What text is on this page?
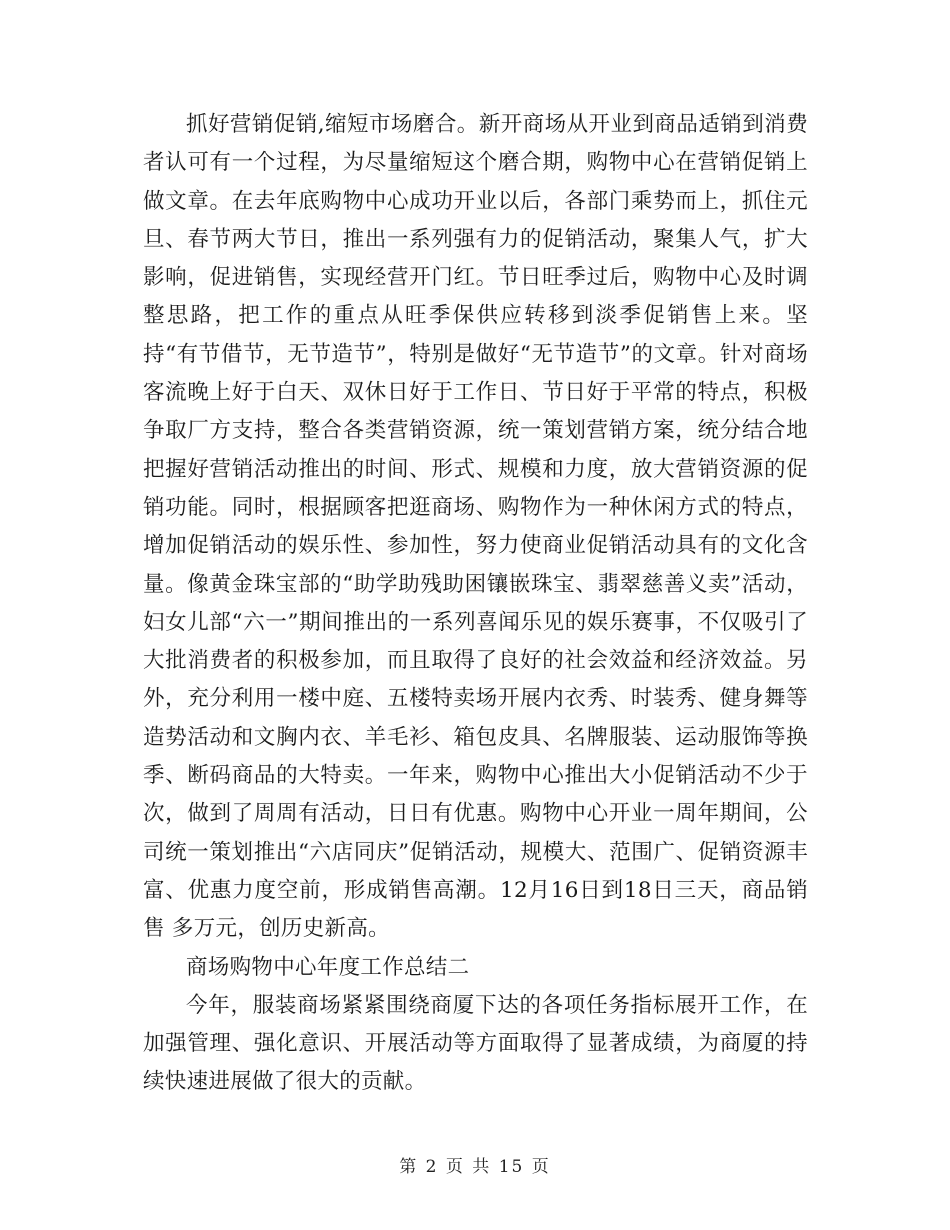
抓好营销促销,缩短市场磨合。新开商场从开业到商品适销到消费者认可有一个过程，为尽量缩短这个磨合期，购物中心在营销促销上做文章。在去年底购物中心成功开业以后，各部门乘势而上，抓住元旦、春节两大节日，推出一系列强有力的促销活动，聚集人气，扩大影响，促进销售，实现经营开门红。节日旺季过后，购物中心及时调整思路，把工作的重点从旺季保供应转移到淡季促销售上来。坚持“有节借节，无节造节”，特别是做好“无节造节”的文章。针对商场客流晚上好于白天、双休日好于工作日、节日好于平常的特点，积极争取厂方支持，整合各类营销资源，统一策划营销方案，统分结合地把握好营销活动推出的时间、形式、规模和力度，放大营销资源的促销功能。同时，根据顾客把逛商场、购物作为一种休闲方式的特点，增加促销活动的娱乐性、参加性，努力使商业促销活动具有的文化含量。像黄金珠宝部的“助学助残助困镶嵌珠宝、翡翠慈善义卖”活动，妇女儿部“六一”期间推出的一系列喜闻乐见的娱乐赛事，不仅吸引了大批消费者的积极参加，而且取得了良好的社会效益和经济效益。另外，充分利用一楼中庭、五楼特卖场开展内衣秀、时装秀、健身舞等造势活动和文胸内衣、羊毛衫、箱包皮具、名牌服装、运动服饰等换季、断码商品的大特卖。一年来，购物中心推出大小促销活动不少于　　次，做到了周周有活动，日日有优惠。购物中心开业一周年期间，公司统一策划推出“六店同庆”促销活动，规模大、范围广、促销资源丰富、优惠力度空前，形成销售高潮。12月16日到18日三天，商品销售 多万元，创历史新高。

商场购物中心年度工作总结二

今年，服装商场紧紧围绕商厦下达的各项任务指标展开工作，在加强管理、强化意识、开展活动等方面取得了显著成绩，为商厦的持续快速进展做了很大的贡献。

第 2 页 共 15 页
